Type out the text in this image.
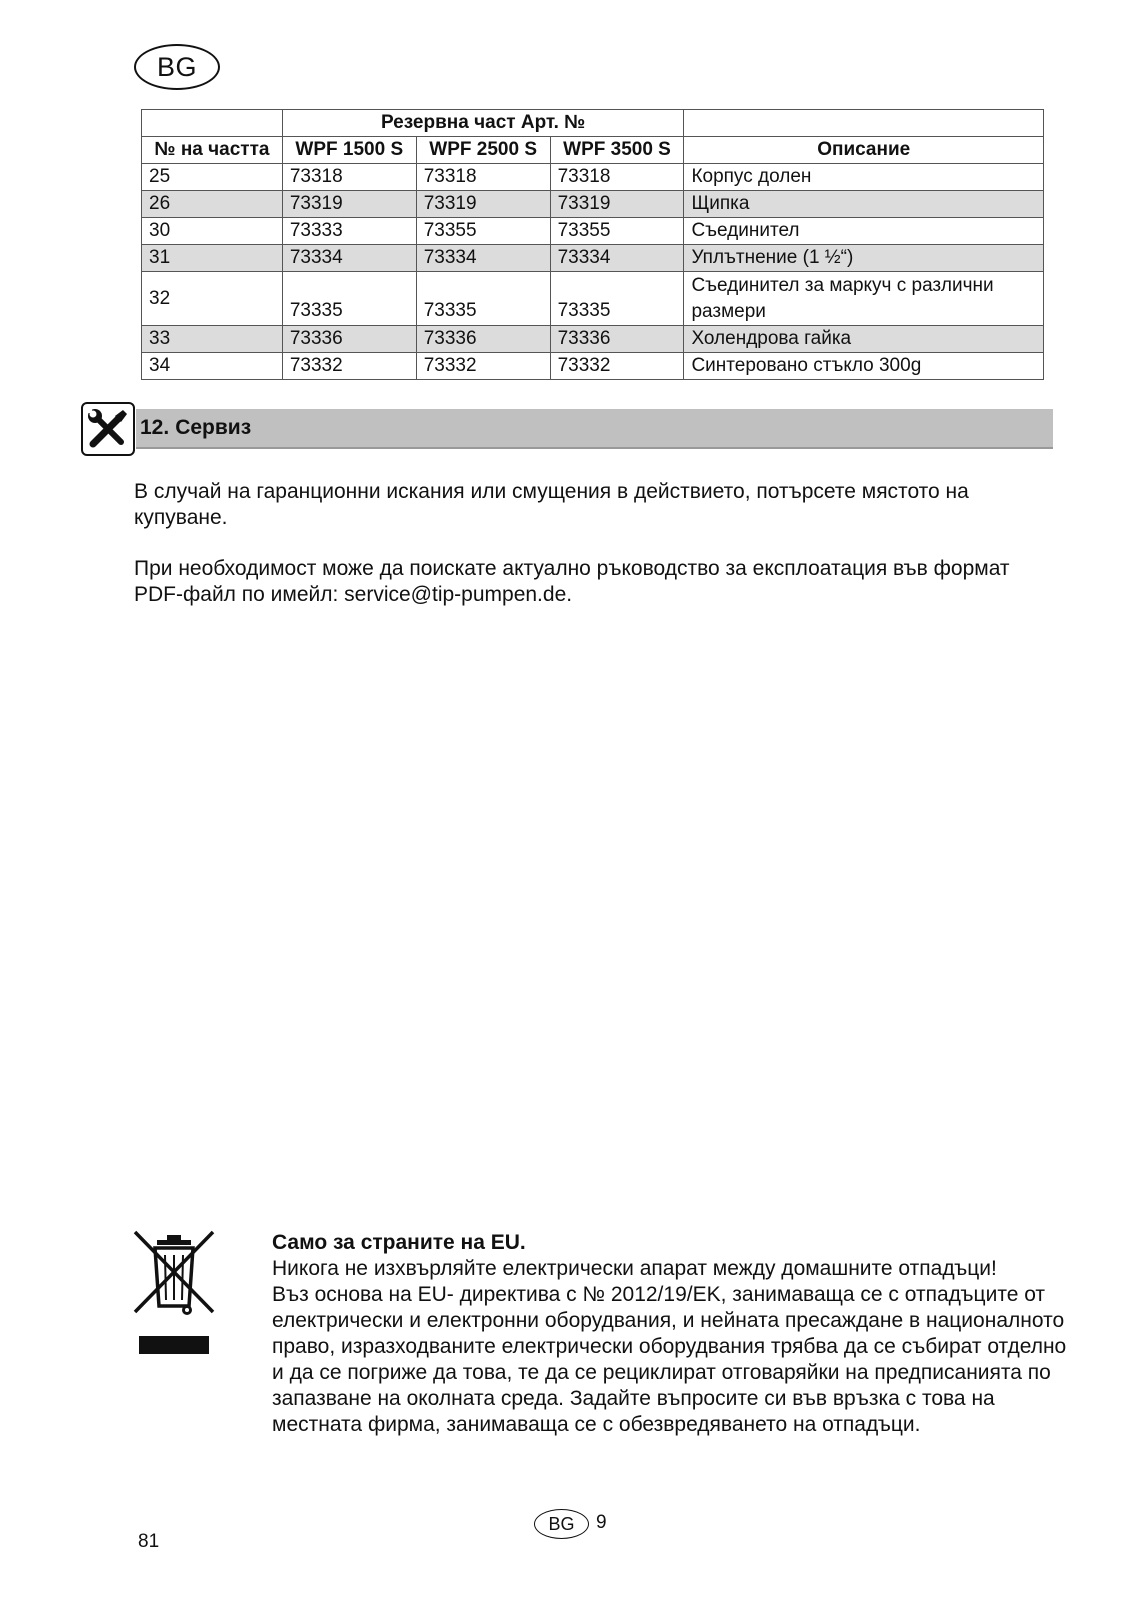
BG
	Резервна част Арт. №			
№ на частта	WPF 1500 S	WPF 2500 S	WPF 3500 S	Описание
25	73318	73318	73318	Корпус долен
26	73319	73319	73319	Щипка
30	73333	73355	73355	Съединител
31	73334	73334	73334	Уплътнение (1 ½“)
32	73335	73335	73335	Съединител за маркуч с различни размери
33	73336	73336	73336	Холендрова гайка
34	73332	73332	73332	Синтеровано стъкло 300g
12. Сервиз

В случай на гаранционни искания или смущения в действието, потърсете мястото на купуване.

При необходимост може да поискате актуално ръководство за експлоатация във формат PDF-файл по имейл: service@tip-pumpen.de.

Само за страните на EU.
Никога не изхвърляйте електрически апарат между домашните отпадъци!
Въз основа на EU- директива с № 2012/19/EK, занимаваща се с отпадъците от електрически и електронни оборудвания, и нейната пресаждане в националното право, изразходваните електрически оборудвания трябва да се събират отделно и да се погриже да това, те да се рециклират отговаряйки на предписанията по запазване на околната среда. Задайте въпросите си във връзка с това на местната фирма, занимаваща се с обезвредяването на отпадъци.
81
BG	9
